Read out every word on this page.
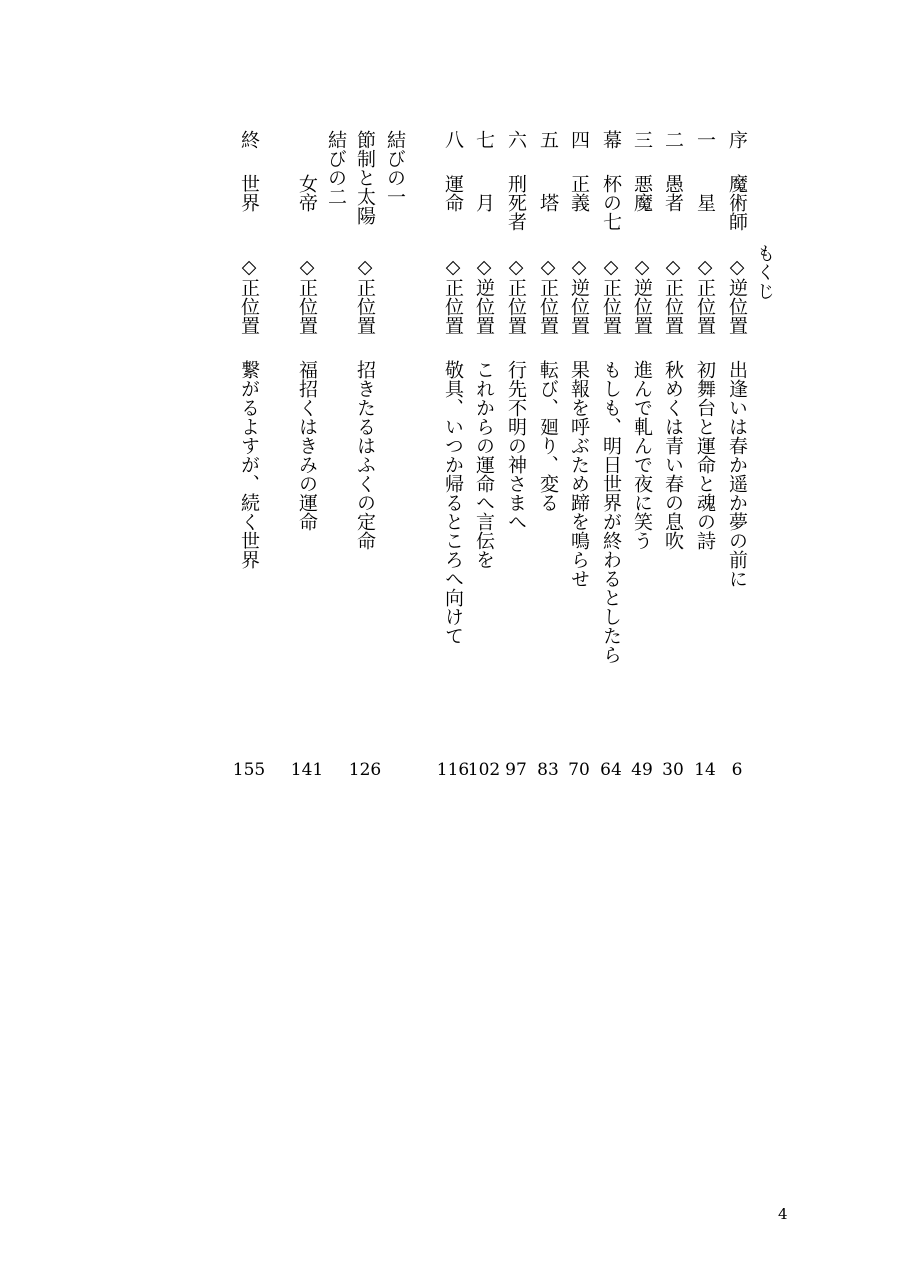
もくじ
序
魔術師
◇逆位置
出逢いは春か遥か夢の前に
6
一
　星
◇正位置
初舞台と運命と魂の詩
14
二
愚者
◇正位置
秋めくは青い春の息吹
30
三
悪魔
◇逆位置
進んで軋んで夜に笑う
49
幕
杯の七
◇正位置
もしも、明日世界が終わるとしたら
64
四
正義
◇逆位置
果報を呼ぶため蹄を鳴らせ
70
五
　塔
◇正位置
転び、廻り、変る
83
六
刑死者
◇正位置
行先不明の神さまへ
97
七
　月
◇逆位置
これからの運命へ言伝を
102
八
運命
◇正位置
敬具、いつか帰るところへ向けて
116
結びの一
節制と太陽
◇正位置
招きたるはふくの定命
126
結びの二
女帝
◇正位置
福招くはきみの運命
141
終
世界
◇正位置
繋がるよすが、続く世界
155
4
